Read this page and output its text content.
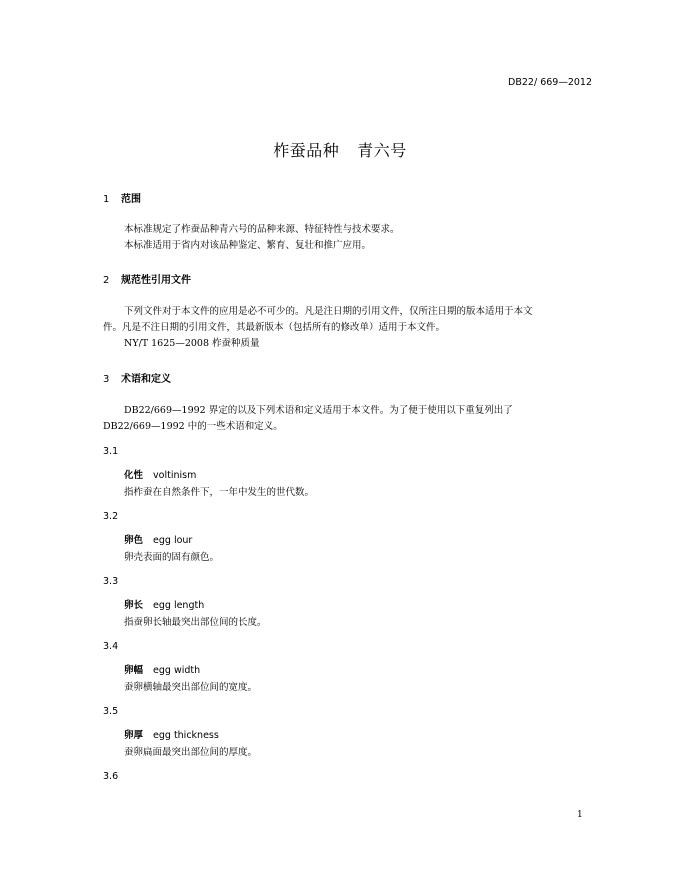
DB22/ 669—2012
柞蚕品种 青六号
1 范围
本标准规定了柞蚕品种青六号的品种来源、特征特性与技术要求。
本标准适用于省内对该品种鉴定、繁育、复壮和推广应用。
2 规范性引用文件
下列文件对于本文件的应用是必不可少的。凡是注日期的引用文件，仅所注日期的版本适用于本文
件。凡是不注日期的引用文件，其最新版本（包括所有的修改单）适用于本文件。
NY/T 1625—2008 柞蚕种质量
3 术语和定义
DB22/669—1992 界定的以及下列术语和定义适用于本文件。为了便于使用以下重复列出了
DB22/669—1992 中的一些术语和定义。
3.1
化性 voltinism
指柞蚕在自然条件下，一年中发生的世代数。
3.2
卵色 egg lour
卵壳表面的固有颜色。
3.3
卵长 egg length
指蚕卵长轴最突出部位间的长度。
3.4
卵幅 egg width
蚕卵横轴最突出部位间的宽度。
3.5
卵厚 egg thickness
蚕卵扁面最突出部位间的厚度。
3.6
1
